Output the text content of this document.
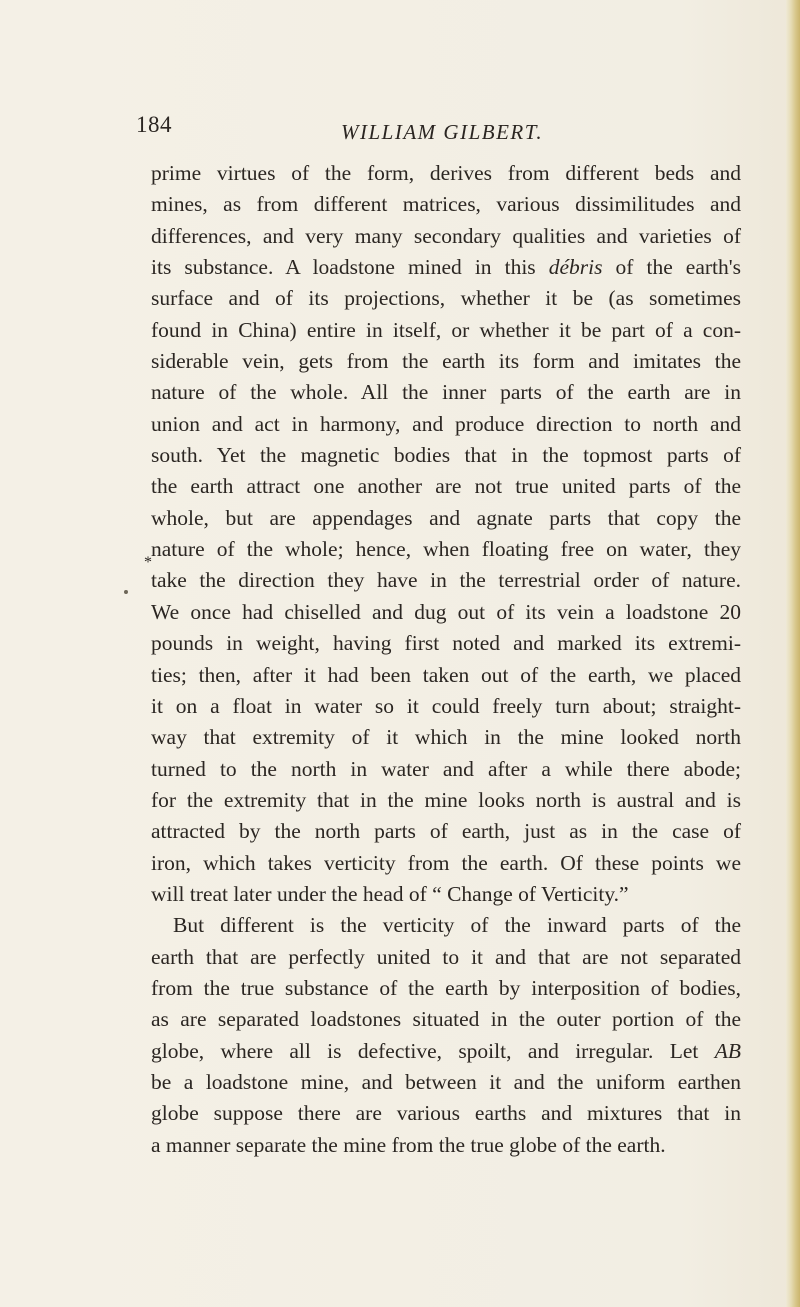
184	WILLIAM GILBERT.
*
prime virtues of the form, derives from different beds and
mines, as from different matrices, various dissimilitudes and
differences, and very many secondary qualities and varieties of
its substance. A loadstone mined in this débris of the earth's
surface and of its projections, whether it be (as sometimes
found in China) entire in itself, or whether it be part of a con-
siderable vein, gets from the earth its form and imitates the
nature of the whole. All the inner parts of the earth are in
union and act in harmony, and produce direction to north and
south. Yet the magnetic bodies that in the topmost parts of
the earth attract one another are not true united parts of the
whole, but are appendages and agnate parts that copy the
nature of the whole; hence, when floating free on water, they
take the direction they have in the terrestrial order of nature.
We once had chiselled and dug out of its vein a loadstone 20
pounds in weight, having first noted and marked its extremi-
ties; then, after it had been taken out of the earth, we placed
it on a float in water so it could freely turn about; straight-
way that extremity of it which in the mine looked north
turned to the north in water and after a while there abode;
for the extremity that in the mine looks north is austral and is
attracted by the north parts of earth, just as in the case of
iron, which takes verticity from the earth. Of these points we
will treat later under the head of “ Change of Verticity.”
But different is the verticity of the inward parts of the
earth that are perfectly united to it and that are not separated
from the true substance of the earth by interposition of bodies,
as are separated loadstones situated in the outer portion of the
globe, where all is defective, spoilt, and irregular. Let AB
be a loadstone mine, and between it and the uniform earthen
globe suppose there are various earths and mixtures that in
a manner separate the mine from the true globe of the earth.
